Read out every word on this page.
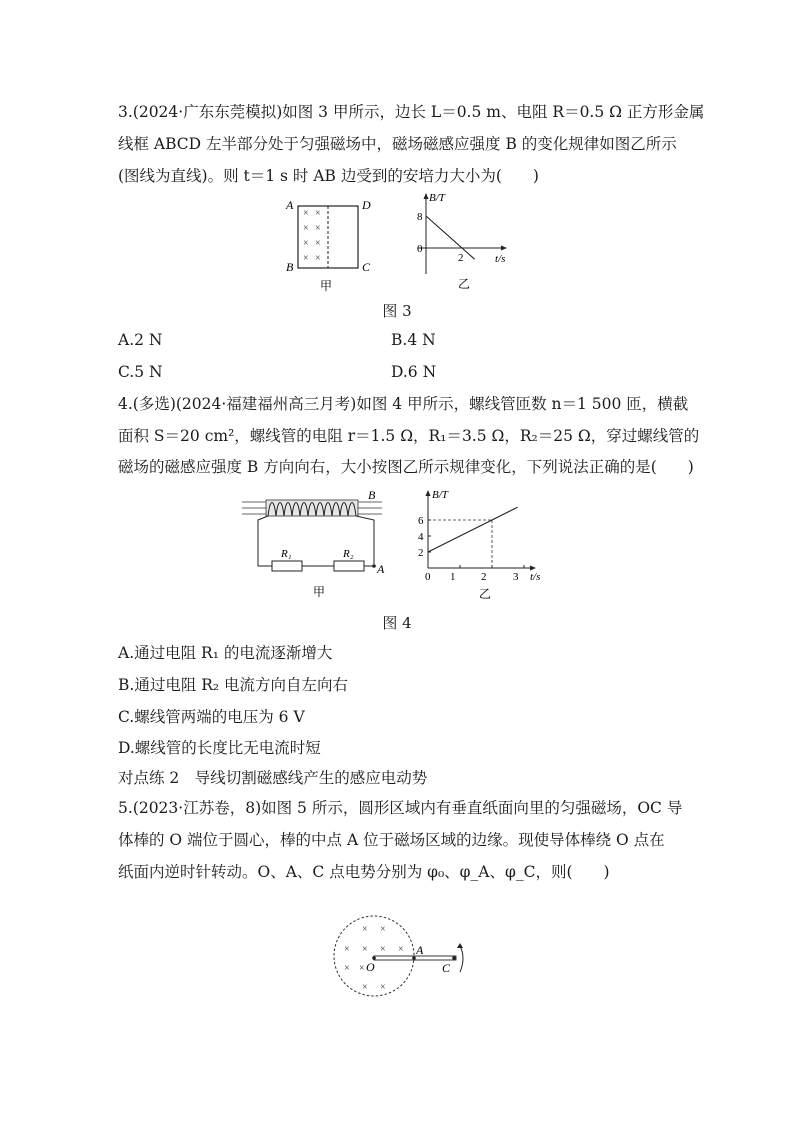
3.(2024·广东东莞模拟)如图 3 甲所示，边长 L＝0.5 m、电阻 R＝0.5 Ω 正方形金属
线框 ABCD 左半部分处于匀强磁场中，磁场磁感应强度 B 的变化规律如图乙所示
(图线为直线)。则 t＝1 s 时 AB 边受到的安培力大小为(　　)
A	D
B	C
× ×
× ×
× ×
× ×
甲
B/T
8
0
2	t/s
乙
图 3
A.2 N	B.4 N
C.5 N	D.6 N
4.(多选)(2024·福建福州高三月考)如图 4 甲所示，螺线管匝数 n＝1 500 匝，横截
面积 S＝20 cm²，螺线管的电阻 r＝1.5 Ω，R₁＝3.5 Ω，R₂＝25 Ω，穿过螺线管的
磁场的磁感应强度 B 方向向右，大小按图乙所示规律变化，下列说法正确的是(　　)
B
R₁	R₂
A
甲
B/T
2
4
6
0 1 2 3 t/s
乙
图 4
A.通过电阻 R₁ 的电流逐渐增大
B.通过电阻 R₂ 电流方向自左向右
C.螺线管两端的电压为 6 V
D.螺线管的长度比无电流时短
对点练 2　导线切割磁感线产生的感应电动势
5.(2023·江苏卷，8)如图 5 所示，圆形区域内有垂直纸面向里的匀强磁场，OC 导
体棒的 O 端位于圆心，棒的中点 A 位于磁场区域的边缘。现使导体棒绕 O 点在
纸面内逆时针转动。O、A、C 点电势分别为 φ₀、φ_A、φ_C，则(　　)
× ×
× × × ×
× ×
× ×
O
A
C
